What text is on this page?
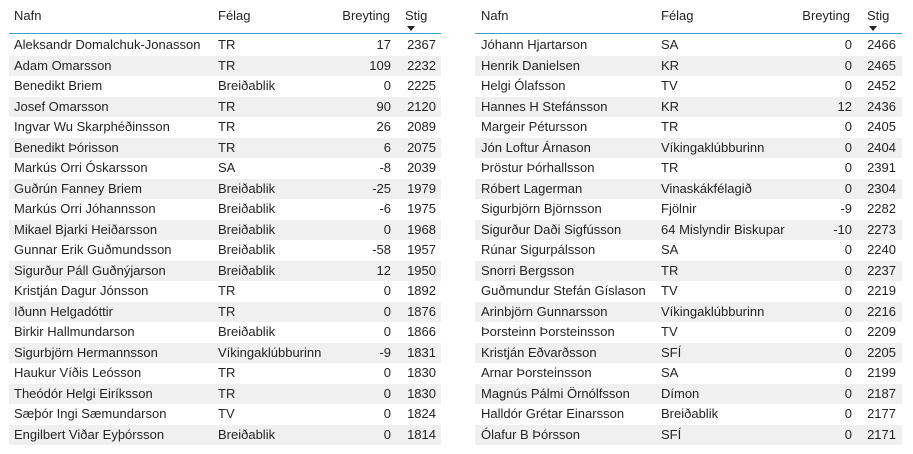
Nafn	Félag	Breyting Stig
Aleksandr Domalchuk-Jonasson	TR	17	2367
Adam Omarsson	TR	109	2232
Benedikt Briem	Breiðablik	0	2225
Josef Omarsson	TR	90	2120
Ingvar Wu Skarphéðinsson	TR	26	2089
Benedikt Þórisson	TR	6	2075
Markús Orri Óskarsson	SA	-8	2039
Guðrún Fanney Briem	Breiðablik	-25	1979
Markús Orri Jóhannsson	Breiðablik	-6	1975
Mikael Bjarki Heiðarsson	Breiðablik	0	1968
Gunnar Erik Guðmundsson	Breiðablik	-58	1957
Sigurður Páll Guðnýjarson	Breiðablik	12	1950
Kristján Dagur Jónsson	TR	0	1892
Iðunn Helgadóttir	TR	0	1876
Birkir Hallmundarson	Breiðablik	0	1866
Sigurbjörn Hermannsson	Víkingaklúbburinn	-9	1831
Haukur Víðis Leósson	TR	0	1830
Theódór Helgi Eiríksson	TR	0	1830
Sæþór Ingi Sæmundarson	TV	0	1824
Engilbert Viðar Eyþórsson	Breiðablik	0	1814
Nafn	Félag	Breyting Stig
Jóhann Hjartarson	SA	0	2466
Henrik Danielsen	KR	0	2465
Helgi Ólafsson	TV	0	2452
Hannes H Stefánsson	KR	12	2436
Margeir Pétursson	TR	0	2405
Jón Loftur Árnason	Víkingaklúbburinn	0	2404
Þröstur Þórhallsson	TR	0	2391
Róbert Lagerman	Vinaskákfélagið	0	2304
Sigurbjörn Björnsson	Fjölnir	-9	2282
Sigurður Daði Sigfússon	64 Mislyndir Biskupar	-10	2273
Rúnar Sigurpálsson	SA	0	2240
Snorri Bergsson	TR	0	2237
Guðmundur Stefán Gíslason	TV	0	2219
Arinbjörn Gunnarsson	Víkingaklúbburinn	0	2216
Þorsteinn Þorsteinsson	TV	0	2209
Kristján Eðvarðsson	SFÍ	0	2205
Arnar Þorsteinsson	SA	0	2199
Magnús Pálmi Örnólfsson	Dímon	0	2187
Halldór Grétar Einarsson	Breiðablik	0	2177
Ólafur B Þórsson	SFÍ	0	2171
